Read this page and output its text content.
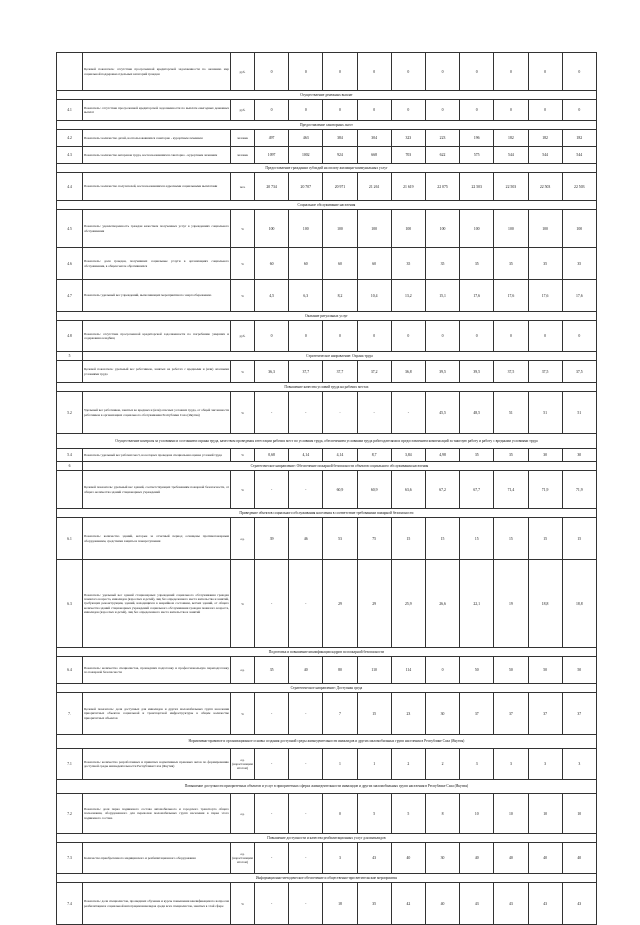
	Целевой показатель: отсутствие просроченной кредиторской задолженности по оказанию мер социальной поддержки отдельных категорий граждан	руб.	0	0	0	0	0	0	0	0	0	0
Осуществление денежных выплат												
4.1	Показатель: отсутствие просроченной кредиторской задолженности по выплате ежегодных денежных выплат	руб.	0	0	0	0	0	0	0	0	0	0
Предоставление санаторных льгот												
4.2	Показатель: количество детей, воспользовавшихся санаторно - курортным лечением	человек	497	463	384	304	323	223	196	182	182	182
4.3	Показатель: количество ветеранов труда, воспользовавшихся санаторно - курортным лечением	человек	1097	1002	924	668	703	622	575	544	544	544
Предоставление гражданам субсидий на оплату жилищно-коммунальных услуг												
4.4	Показатель: количество получателей, воспользовавшихся адресными социальными выплатами	чел.	20 734	20 707	20 971	21 261	21 619	22 075	22 503	22 503	22 503	22 503
Социальное обслуживание населения												
4.5	Показатель: удовлетворенность граждан качеством полученных услуг в учреждениях социального обслуживания	%	100	100	100	100	100	100	100	100	100	100
4.6	Показатель: доля граждан, получивших социальные услуги в организациях социального обслуживания, в общем числе обратившихся	%	60	60	60	60	35	35	35	35	35	35
4.7	Показатель: удельный вес учреждений, выполняющих мероприятия по энергосбережению	%	4,5	6,3	8,2	10,4	13,2	15,1	17,6	17,6	17,6	17,6
Оказание ритуальных услуг												
4.8	Показатель: отсутствие просроченной кредиторской задолженности по погребению умерших и содержанию кладбищ	руб.	0	0	0	0	0	0	0	0	0	0
5	Стратегическое направление: Охрана труда											
	Целевой показатель: удельный вес работников, занятых на работах с вредными и (или) опасными условиями труда	%	36,3	37,7	37,7	37,2	36,8	39,5	39,5	37,5	37,5	37,5
Повышение качества условий труда на рабочих местах												
5.2	Удельный вес работников, занятых во вредных и (или) опасных условиях труда, от общей численности работников в организациях социального обслуживания Республики Саха (Якутия)	%	-	-	-	-	-	45,5	48,5	51	51	51
Осуществление контроля за условиями и состоянием охраны труда, качеством проведения аттестации рабочих мест по условиям труда, обеспечением условиями труда работодателями и предоставлением компенсаций за тяжелую работу и работу с вредными условиями труда												
5.4	Показатель: удельный вес рабочих мест, на которых проведена специальная оценка условий труда	%	0,68	4,14	4,14	8,7	3,84	4,98	35	35	30	30
6	Стратегическое направление: Обеспечение пожарной безопасности объектов социального обслуживания населения											
	Целевой показатель: удельный вес зданий, соответствующих требованиям пожарной безопасности, от общего количества зданий стационарных учреждений	%	-	-	60,9	60,9	63,6	67,2	67,7	71,4	71,9	71,9
Приведение объектов социального обслуживания населения в соответствие требованиям пожарной безопасности												
6.1	Показатель: количество зданий, которые за отчетный период оснащены противопожарным оборудованием, средствами защиты и пожаротушения	ед.	39	46	53	75	15	15	15	15	15	15
6.3	Показатель: удельный вес зданий стационарных учреждений социального обслуживания граждан пожилого возраста, инвалидов (взрослых и детей), лиц без определенного места жительства и занятий, требующих реконструкции, зданий, находящихся в аварийном состоянии, ветхих зданий, от общего количества зданий стационарных учреждений социального обслуживания граждан пожилого возраста, инвалидов (взрослых и детей), лиц без определенного места жительства и занятий	%	-	-	29	29	25,9	26,6	22,1	19	18,8	18,8
Подготовка и повышение квалификации кадров по пожарной безопасности												
6.4	Показатель: количество специалистов, прошедших подготовку и профессиональную переподготовку по пожарной безопасности	ед.	35	40	80	110	114	0	50	50	50	50
Стратегическое направление: Доступная среда												
7.	Целевой показатель: доля доступных для инвалидов и других маломобильных групп населения приоритетных объектов социальной и транспортной инфраструктуры в общем количестве приоритетных объектов	%	-	-	7	15	23	30	37	37	37	37
Нормативно-правовое и организационное основы создания доступной среды жизнедеятельности инвалидов и других маломобильных групп населения в Республике Саха (Якутия)												
7.1	Показатель: количество разработанных и принятых нормативных правовых актов по формированию доступной среды жизнедеятельности Республики Саха (Якутия)	ед. (нарастающим итогом)	-	-	1	1	2	2	3	3	3	3
Повышение доступности приоритетных объектов и услуг в приоритетных сферах жизнедеятельности инвалидов и других маломобильных групп населения в Республике Саха (Якутия)												
7.2	Показатель: доля парка подвижного состава автомобильного и городского транспорта общего пользования, оборудованного для перевозки маломобильных групп населения в парке этого подвижного состава	ед.	-	-	0	5	5	8	10	10	10	10
Повышение доступности и качества реабилитационных услуг для инвалидов												
7.3	Количество приобретенного медицинского и реабилитационного оборудования	ед. (нарастающим итогом)	-	-	3	43	40	30	40	40	40	40
Информационно-методическое обеспечение и общественно-просветительские мероприятия												
7.4	Показатель: доля специалистов, прошедших обучение и курсы повышения квалификации по вопросам реабилитации и социальной интеграции инвалидов среди всех специалистов, занятых в этой сфере	%	-	-	18	35	42	40	43	43	43	43
